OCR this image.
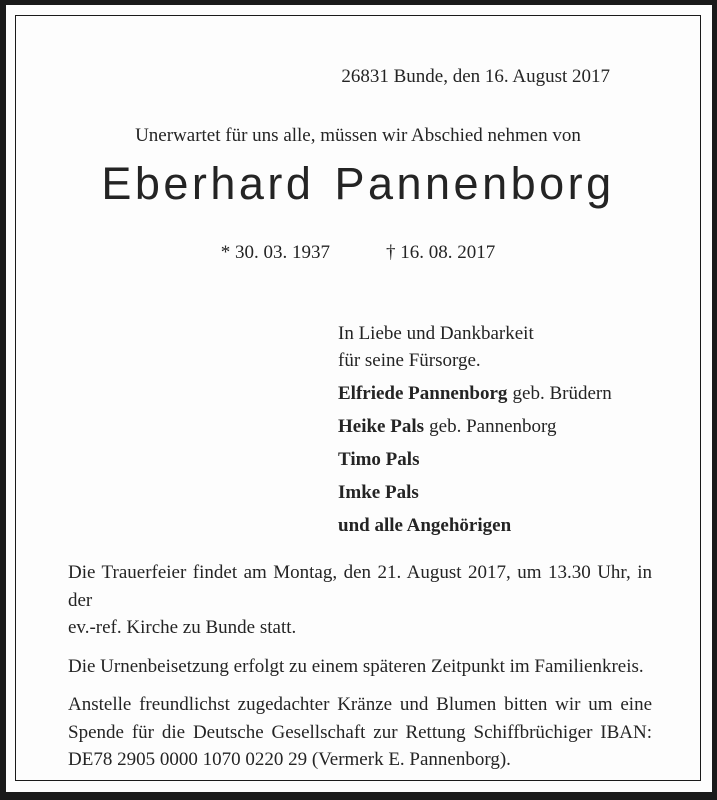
26831 Bunde, den 16. August 2017
Unerwartet für uns alle, müssen wir Abschied nehmen von
Eberhard Pannenborg
* 30. 03. 1937	† 16. 08. 2017
In Liebe und Dankbarkeit
für seine Fürsorge.
Elfriede Pannenborg geb. Brüdern
Heike Pals geb. Pannenborg
Timo Pals
Imke Pals
und alle Angehörigen

Die Trauerfeier findet am Montag, den 21. August 2017, um 13.30 Uhr, in der
ev.-ref. Kirche zu Bunde statt.

Die Urnenbeisetzung erfolgt zu einem späteren Zeitpunkt im Familienkreis.

Anstelle freundlichst zugedachter Kränze und Blumen bitten wir um eine
Spende für die Deutsche Gesellschaft zur Rettung Schiffbrüchiger IBAN:
DE78 2905 0000 1070 0220 29 (Vermerk E. Pannenborg).
